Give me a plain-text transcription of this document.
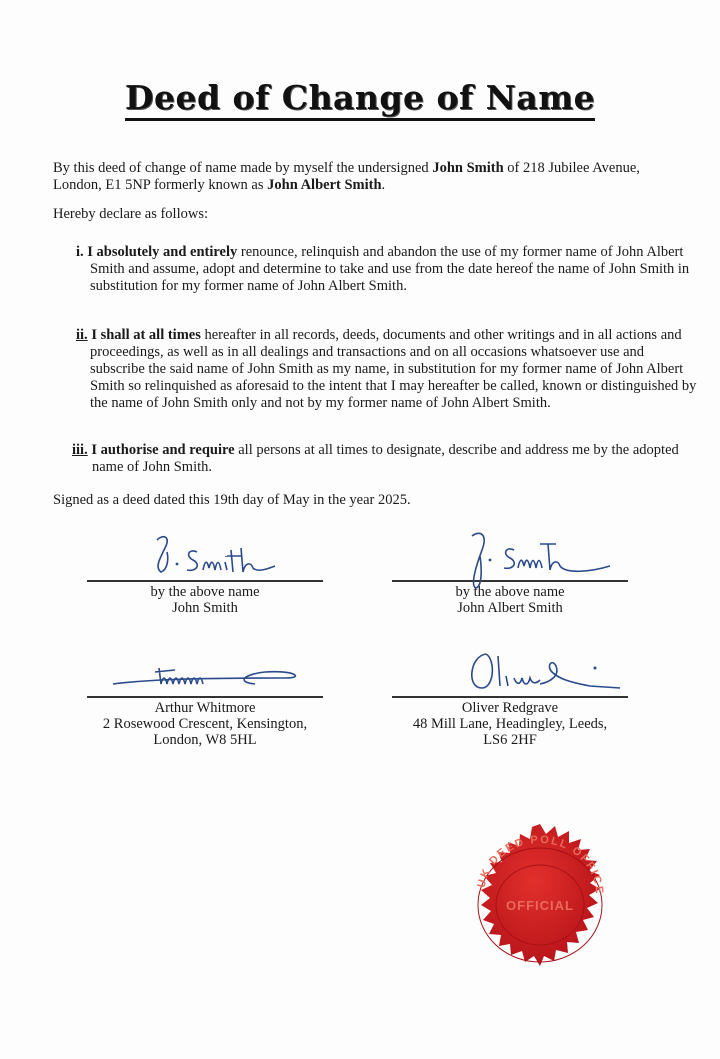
Deed of Change of Name
By this deed of change of name made by myself the undersigned John Smith of 218 Jubilee Avenue, London, E1 5NP formerly known as John Albert Smith.
Hereby declare as follows:
i. I absolutely and entirely renounce, relinquish and abandon the use of my former name of John Albert Smith and assume, adopt and determine to take and use from the date hereof the name of John Smith in substitution for my former name of John Albert Smith.
ii. I shall at all times hereafter in all records, deeds, documents and other writings and in all actions and proceedings, as well as in all dealings and transactions and on all occasions whatsoever use and subscribe the said name of John Smith as my name, in substitution for my former name of John Albert Smith so relinquished as aforesaid to the intent that I may hereafter be called, known or distinguished by the name of John Smith only and not by my former name of John Albert Smith.
iii. I authorise and require all persons at all times to designate, describe and address me by the adopted name of John Smith.
Signed as a deed dated this 19th day of May in the year 2025.
by the above name
John Smith
by the above name
John Albert Smith
Arthur Whitmore
2 Rosewood Crescent, Kensington,
London, W8 5HL
Oliver Redgrave
48 Mill Lane, Headingley, Leeds,
LS6 2HF
OFFICIAL
UK DEED POLL OFFICE
